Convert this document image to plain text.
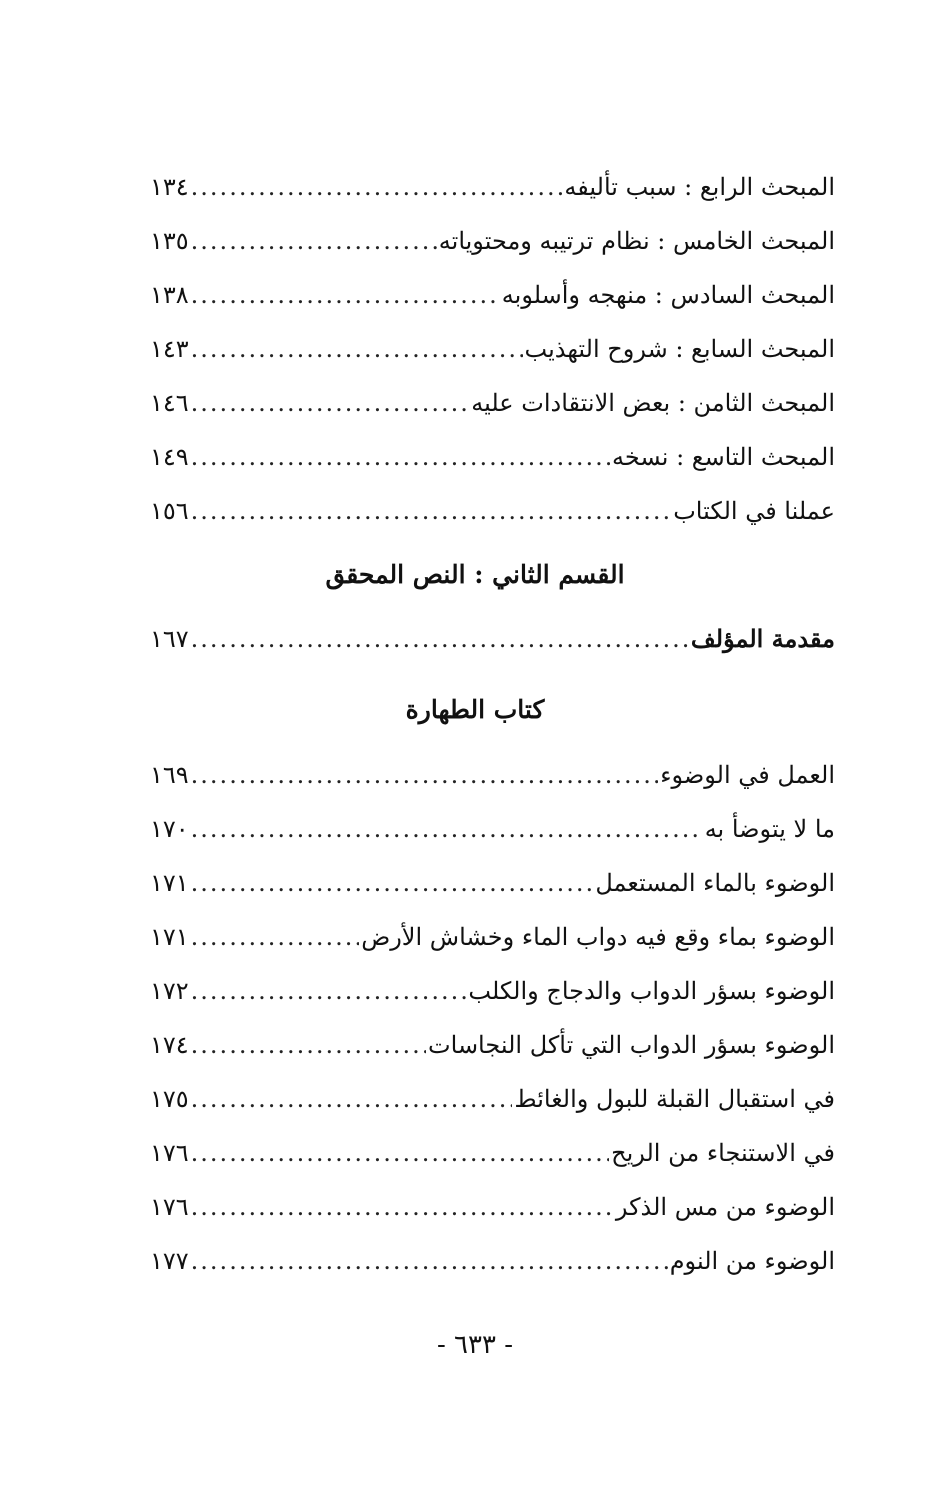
المبحث الرابع : سبب تأليفه
.....
١٣٤
المبحث الخامس : نظام ترتيبه ومحتوياته
.....
١٣٥
المبحث السادس : منهجه وأسلوبه
.....
١٣٨
المبحث السابع : شروح التهذيب
.....
١٤٣
المبحث الثامن : بعض الانتقادات عليه
.....
١٤٦
المبحث التاسع : نسخه
.....
١٤٩
عملنا في الكتاب
.....
١٥٦
القسم الثاني : النص المحقق
مقدمة المؤلف
.....
١٦٧
كتاب الطهارة
العمل في الوضوء
.....
١٦٩
ما لا يتوضأ به
.....
١٧٠
الوضوء بالماء المستعمل
.....
١٧١
الوضوء بماء وقع فيه دواب الماء وخشاش الأرض
.....
١٧١
الوضوء بسؤر الدواب والدجاج والكلب
.....
١٧٢
الوضوء بسؤر الدواب التي تأكل النجاسات
.....
١٧٤
في استقبال القبلة للبول والغائط
.....
١٧٥
في الاستنجاء من الريح
.....
١٧٦
الوضوء من مس الذكر
.....
١٧٦
الوضوء من النوم
.....
١٧٧
- ٦٣٣ -
